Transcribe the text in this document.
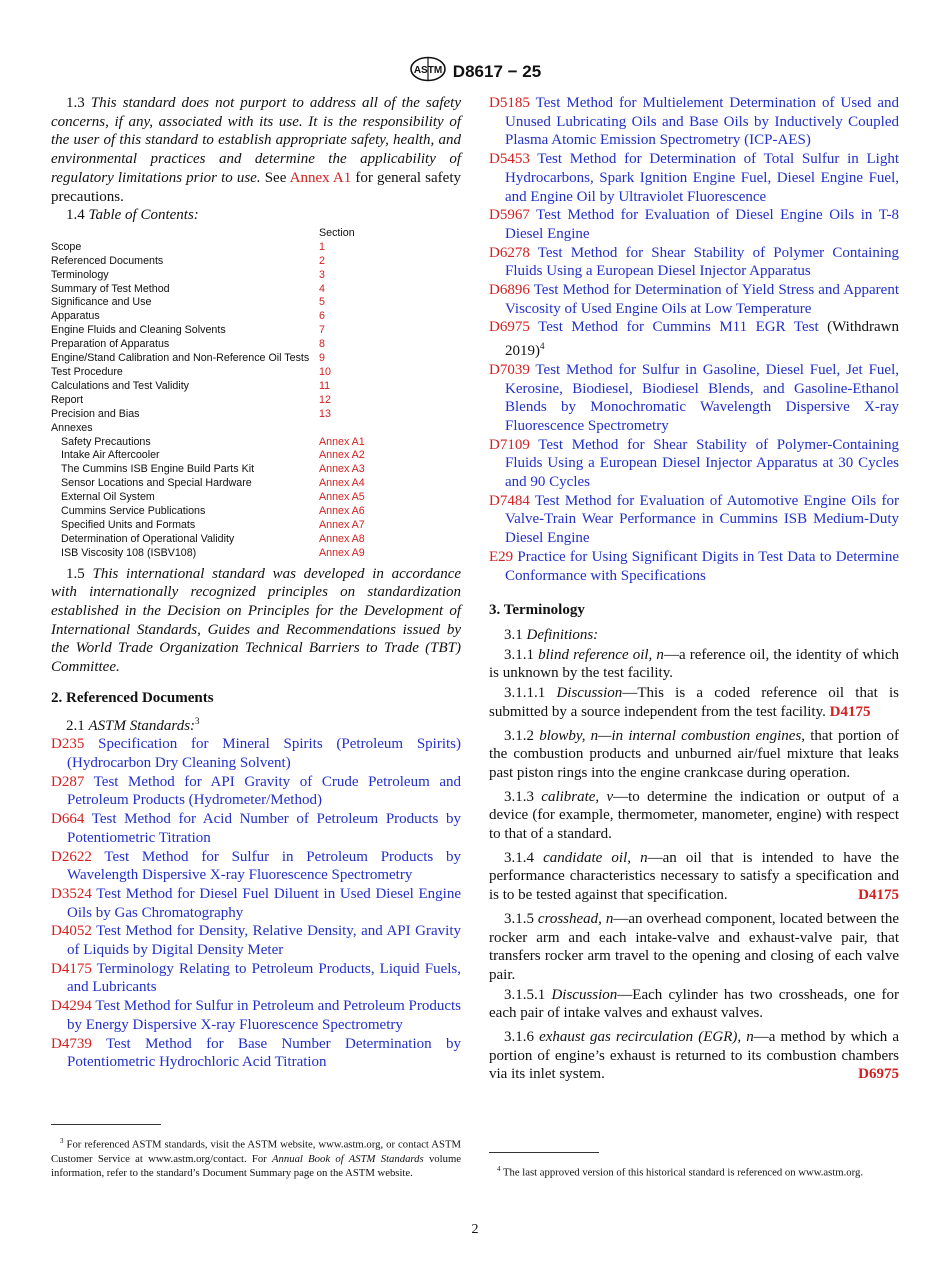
ASTM D8617 − 25

1.3 This standard does not purport to address all of the safety concerns, if any, associated with its use. It is the responsibility of the user of this standard to establish appropriate safety, health, and environmental practices and determine the applicability of regulatory limitations prior to use. See Annex A1 for general safety precautions.

1.4 Table of Contents:

Section
Scope	1
Referenced Documents	2
Terminology	3
Summary of Test Method	4
Significance and Use	5
Apparatus	6
Engine Fluids and Cleaning Solvents	7
Preparation of Apparatus	8
Engine/Stand Calibration and Non-Reference Oil Tests 9
Test Procedure	10
Calculations and Test Validity	11
Report	12
Precision and Bias	13
Annexes
Safety Precautions	Annex A1
Intake Air Aftercooler	Annex A2
The Cummins ISB Engine Build Parts Kit	Annex A3
Sensor Locations and Special Hardware	Annex A4
External Oil System	Annex A5
Cummins Service Publications	Annex A6
Specified Units and Formats	Annex A7
Determination of Operational Validity	Annex A8
ISB Viscosity 108 (ISBV108)	Annex A9

1.5 This international standard was developed in accordance with internationally recognized principles on standardization established in the Decision on Principles for the Development of International Standards, Guides and Recommendations issued by the World Trade Organization Technical Barriers to Trade (TBT) Committee.

2. Referenced Documents

2.1 ASTM Standards:$^3$

D235 Specification for Mineral Spirits (Petroleum Spirits) (Hydrocarbon Dry Cleaning Solvent)

D287 Test Method for API Gravity of Crude Petroleum and Petroleum Products (Hydrometer/Method)

D664 Test Method for Acid Number of Petroleum Products by Potentiometric Titration

D2622 Test Method for Sulfur in Petroleum Products by Wavelength Dispersive X-ray Fluorescence Spectrometry

D3524 Test Method for Diesel Fuel Diluent in Used Diesel Engine Oils by Gas Chromatography

D4052 Test Method for Density, Relative Density, and API Gravity of Liquids by Digital Density Meter

D4175 Terminology Relating to Petroleum Products, Liquid Fuels, and Lubricants

D4294 Test Method for Sulfur in Petroleum and Petroleum Products by Energy Dispersive X-ray Fluorescence Spectrometry

D4739 Test Method for Base Number Determination by Potentiometric Hydrochloric Acid Titration

$^3$ For referenced ASTM standards, visit the ASTM website, www.astm.org, or contact ASTM Customer Service at www.astm.org/contact. For Annual Book of ASTM Standards volume information, refer to the standard’s Document Summary page on the ASTM website.

D5185 Test Method for Multielement Determination of Used and Unused Lubricating Oils and Base Oils by Inductively Coupled Plasma Atomic Emission Spectrometry (ICP-AES)

D5453 Test Method for Determination of Total Sulfur in Light Hydrocarbons, Spark Ignition Engine Fuel, Diesel Engine Fuel, and Engine Oil by Ultraviolet Fluorescence

D5967 Test Method for Evaluation of Diesel Engine Oils in T-8 Diesel Engine

D6278 Test Method for Shear Stability of Polymer Containing Fluids Using a European Diesel Injector Apparatus

D6896 Test Method for Determination of Yield Stress and Apparent Viscosity of Used Engine Oils at Low Temperature

D6975 Test Method for Cummins M11 EGR Test (Withdrawn 2019)$^4$

D7039 Test Method for Sulfur in Gasoline, Diesel Fuel, Jet Fuel, Kerosine, Biodiesel, Biodiesel Blends, and Gasoline-Ethanol Blends by Monochromatic Wavelength Dispersive X-ray Fluorescence Spectrometry

D7109 Test Method for Shear Stability of Polymer-Containing Fluids Using a European Diesel Injector Apparatus at 30 Cycles and 90 Cycles

D7484 Test Method for Evaluation of Automotive Engine Oils for Valve-Train Wear Performance in Cummins ISB Medium-Duty Diesel Engine

E29 Practice for Using Significant Digits in Test Data to Determine Conformance with Specifications

3. Terminology

3.1 Definitions:

3.1.1 blind reference oil, n—a reference oil, the identity of which is unknown by the test facility.

3.1.1.1 Discussion—This is a coded reference oil that is submitted by a source independent from the test facility. D4175

3.1.2 blowby, n—in internal combustion engines, that portion of the combustion products and unburned air/fuel mixture that leaks past piston rings into the engine crankcase during operation.

3.1.3 calibrate, v—to determine the indication or output of a device (for example, thermometer, manometer, engine) with respect to that of a standard.

3.1.4 candidate oil, n—an oil that is intended to have the performance characteristics necessary to satisfy a specification and is to be tested against that specification.	D4175

3.1.5 crosshead, n—an overhead component, located between the rocker arm and each intake-valve and exhaust-valve pair, that transfers rocker arm travel to the opening and closing of each valve pair.

3.1.5.1 Discussion—Each cylinder has two crossheads, one for each pair of intake valves and exhaust valves.

3.1.6 exhaust gas recirculation (EGR), n—a method by which a portion of engine’s exhaust is returned to its combustion chambers via its inlet system.	D6975

$^4$ The last approved version of this historical standard is referenced on www.astm.org.
2
